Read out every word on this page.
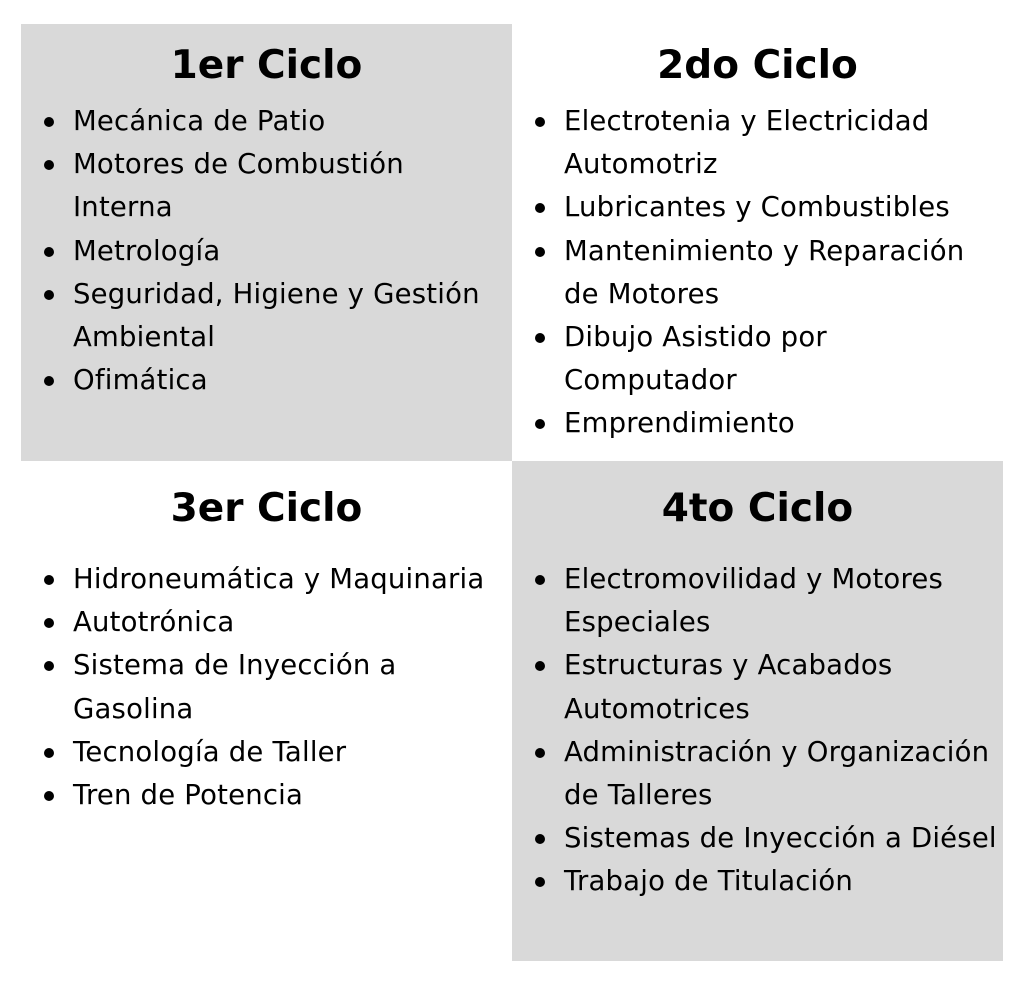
1er Ciclo
Mecánica de Patio
Motores de Combustión Interna
Metrología
Seguridad, Higiene y Gestión Ambiental
Ofimática
2do Ciclo
Electrotenia y Electricidad Automotriz
Lubricantes y Combustibles
Mantenimiento y Reparación de Motores
Dibujo Asistido por Computador
Emprendimiento
3er Ciclo
Hidroneumática y Maquinaria
Autotrónica
Sistema de Inyección a Gasolina
Tecnología de Taller
Tren de Potencia
4to Ciclo
Electromovilidad y Motores Especiales
Estructuras y Acabados Automotrices
Administración y Organización de Talleres
Sistemas de Inyección a Diésel
Trabajo de Titulación
